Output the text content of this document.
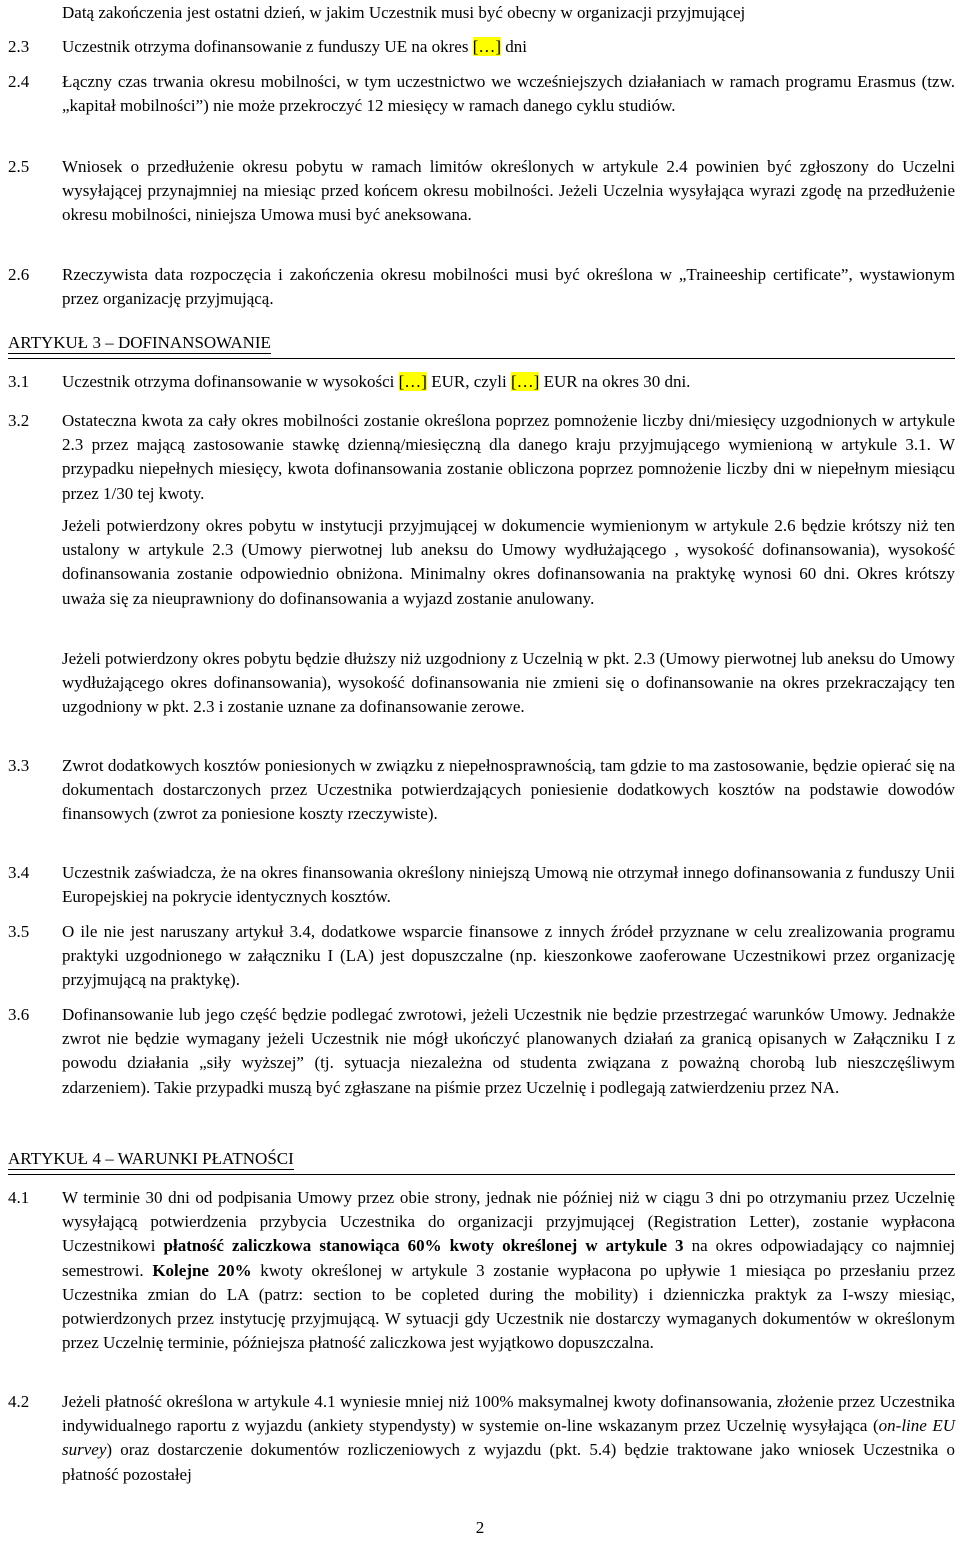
Datą zakończenia jest ostatni dzień, w jakim Uczestnik musi być obecny w organizacji przyjmującej
2.3	Uczestnik otrzyma dofinansowanie z funduszy UE na okres […] dni
2.4	Łączny czas trwania okresu mobilności, w tym uczestnictwo we wcześniejszych działaniach w ramach programu Erasmus (tzw. „kapitał mobilności”) nie może przekroczyć 12 miesięcy w ramach danego cyklu studiów.
2.5	Wniosek o przedłużenie okresu pobytu w ramach limitów określonych w artykule 2.4 powinien być zgłoszony do Uczelni wysyłającej przynajmniej na miesiąc przed końcem okresu mobilności. Jeżeli Uczelnia wysyłająca wyrazi zgodę na przedłużenie okresu mobilności, niniejsza Umowa musi być aneksowana.
2.6	Rzeczywista data rozpoczęcia i zakończenia okresu mobilności musi być określona w „Traineeship certificate”, wystawionym przez organizację przyjmującą.
ARTYKUŁ 3 – DOFINANSOWANIE
3.1	Uczestnik otrzyma dofinansowanie w wysokości […] EUR, czyli […] EUR na okres 30 dni.
3.2	Ostateczna kwota za cały okres mobilności zostanie określona poprzez pomnożenie liczby dni/miesięcy uzgodnionych w artykule 2.3 przez mającą zastosowanie stawkę dzienną/miesięczną dla danego kraju przyjmującego wymienioną w artykule 3.1. W przypadku niepełnych miesięcy, kwota dofinansowania zostanie obliczona poprzez pomnożenie liczby dni w niepełnym miesiącu przez 1/30 tej kwoty.
Jeżeli potwierdzony okres pobytu w instytucji przyjmującej w dokumencie wymienionym w artykule 2.6 będzie krótszy niż ten ustalony w artykule 2.3 (Umowy pierwotnej lub aneksu do Umowy wydłużającego , wysokość dofinansowania), wysokość dofinansowania zostanie odpowiednio obniżona. Minimalny okres dofinansowania na praktykę wynosi 60 dni. Okres krótszy uważa się za nieuprawniony do dofinansowania a wyjazd zostanie anulowany.
Jeżeli potwierdzony okres pobytu będzie dłuższy niż uzgodniony z Uczelnią w pkt. 2.3 (Umowy pierwotnej lub aneksu do Umowy wydłużającego okres dofinansowania), wysokość dofinansowania nie zmieni się o dofinansowanie na okres przekraczający ten uzgodniony w pkt. 2.3 i zostanie uznane za dofinansowanie zerowe.
3.3	Zwrot dodatkowych kosztów poniesionych w związku z niepełnosprawnością, tam gdzie to ma zastosowanie, będzie opierać się na dokumentach dostarczonych przez Uczestnika potwierdzających poniesienie dodatkowych kosztów na podstawie dowodów finansowych (zwrot za poniesione koszty rzeczywiste).
3.4	Uczestnik zaświadcza, że na okres finansowania określony niniejszą Umową nie otrzymał innego dofinansowania z funduszy Unii Europejskiej na pokrycie identycznych kosztów.
3.5	O ile nie jest naruszany artykuł 3.4, dodatkowe wsparcie finansowe z innych źródeł przyznane w celu zrealizowania programu praktyki uzgodnionego w załączniku I (LA) jest dopuszczalne (np. kieszonkowe zaoferowane Uczestnikowi przez organizację przyjmującą na praktykę).
3.6	Dofinansowanie lub jego część będzie podlegać zwrotowi, jeżeli Uczestnik nie będzie przestrzegać warunków Umowy. Jednakże zwrot nie będzie wymagany jeżeli Uczestnik nie mógł ukończyć planowanych działań za granicą opisanych w Załączniku I z powodu działania „siły wyższej” (tj. sytuacja niezależna od studenta związana z poważną chorobą lub nieszczęśliwym zdarzeniem). Takie przypadki muszą być zgłaszane na piśmie przez Uczelnię i podlegają zatwierdzeniu przez NA.
ARTYKUŁ 4 – WARUNKI PŁATNOŚCI
4.1	W terminie 30 dni od podpisania Umowy przez obie strony, jednak nie później niż w ciągu 3 dni po otrzymaniu przez Uczelnię wysyłającą potwierdzenia przybycia Uczestnika do organizacji przyjmującej (Registration Letter), zostanie wypłacona Uczestnikowi płatność zaliczkowa stanowiąca 60% kwoty określonej w artykule 3 na okres odpowiadający co najmniej semestrowi. Kolejne 20% kwoty określonej w artykule 3 zostanie wypłacona po upływie 1 miesiąca po przesłaniu przez Uczestnika zmian do LA (patrz: section to be copleted during the mobility) i dzienniczka praktyk za I-wszy miesiąc, potwierdzonych przez instytucję przyjmującą. W sytuacji gdy Uczestnik nie dostarczy wymaganych dokumentów w określonym przez Uczelnię terminie, późniejsza płatność zaliczkowa jest wyjątkowo dopuszczalna.
4.2	Jeżeli płatność określona w artykule 4.1 wyniesie mniej niż 100% maksymalnej kwoty dofinansowania, złożenie przez Uczestnika indywidualnego raportu z wyjazdu (ankiety stypendysty) w systemie on-line wskazanym przez Uczelnię wysyłająca (on-line EU survey) oraz dostarczenie dokumentów rozliczeniowych z wyjazdu (pkt. 5.4) będzie traktowane jako wniosek Uczestnika o płatność pozostałej
2
